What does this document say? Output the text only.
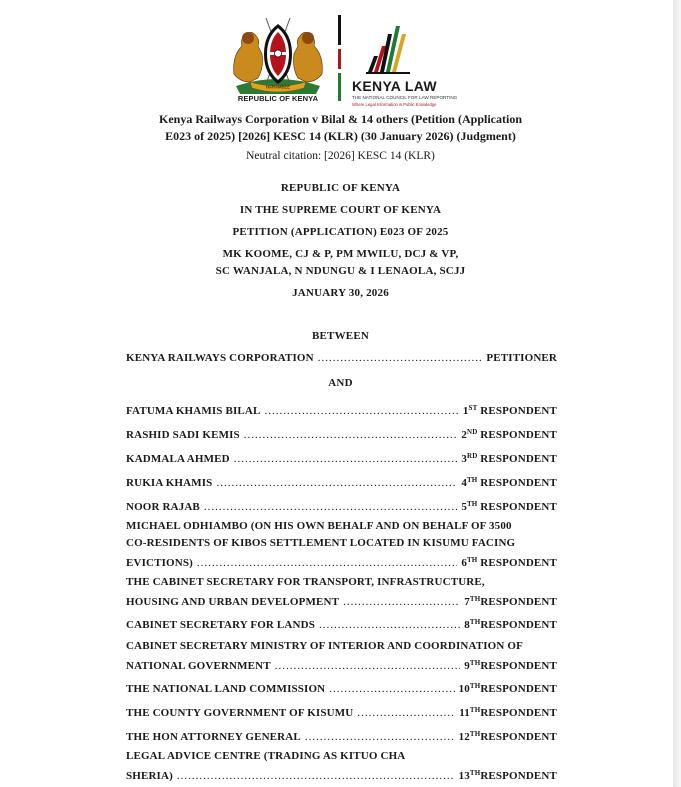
HARAMBEE
REPUBLIC OF KENYA
KENYA LAW
THE NATIONAL COUNCIL FOR LAW REPORTING
Where Legal Information is Public Knowledge
Kenya Railways Corporation v Bilal & 14 others (Petition (Application
E023 of 2025) [2026] KESC 14 (KLR) (30 January 2026) (Judgment)
Neutral citation: [2026] KESC 14 (KLR)
REPUBLIC OF KENYA
IN THE SUPREME COURT OF KENYA
PETITION (APPLICATION) E023 OF 2025
MK KOOME, CJ & P, PM MWILU, DCJ & VP,
SC WANJALA, N NDUNGU & I LENAOLA, SCJJ
JANUARY 30, 2026
BETWEEN
KENYA RAILWAYS CORPORATION .....	PETITIONER
AND
FATUMA KHAMIS BILAL .....	1ST RESPONDENT
RASHID SADI KEMIS .....	2ND RESPONDENT
KADMALA AHMED .....	3RD RESPONDENT
RUKIA KHAMIS .....	4TH RESPONDENT
NOOR RAJAB .....	5TH RESPONDENT
MICHAEL ODHIAMBO (ON HIS OWN BEHALF AND ON BEHALF OF 3500
CO-RESIDENTS OF KIBOS SETTLEMENT LOCATED IN KISUMU FACING
EVICTIONS) .....	6TH RESPONDENT
THE CABINET SECRETARY FOR TRANSPORT, INFRASTRUCTURE,
HOUSING AND URBAN DEVELOPMENT .....	7THRESPONDENT
CABINET SECRETARY FOR LANDS .....	8THRESPONDENT
CABINET SECRETARY MINISTRY OF INTERIOR AND COORDINATION OF
NATIONAL GOVERNMENT .....	9THRESPONDENT
THE NATIONAL LAND COMMISSION .....	10THRESPONDENT
THE COUNTY GOVERNMENT OF KISUMU .....	11THRESPONDENT
THE HON ATTORNEY GENERAL .....	12THRESPONDENT
LEGAL ADVICE CENTRE (TRADING AS KITUO CHA
SHERIA) .....	13THRESPONDENT
